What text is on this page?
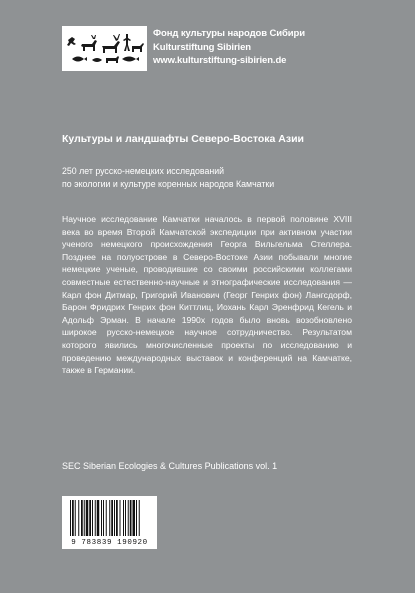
Фонд культуры народов Сибири
Kulturstiftung Sibirien
www.kulturstiftung-sibirien.de
Культуры и ландшафты Северо-Востока Азии
250 лет русско-немецких исследований
по экологии и культуре коренных народов Камчатки
Научное исследование Камчатки началось в первой половине XVIII века во время Второй Камчатской экспедиции при активном участии ученого немецкого происхождения Георга Вильгельма Стеллера. Позднее на полуострове в Северо-Востоке Азии побывали многие немецкие ученые, проводившие со своими российскими коллегами совместные естественно-научные и этнографические исследования — Карл фон Дитмар, Григорий Иванович (Георг Генрих фон) Лангсдорф, Барон Фридрих Генрих фон Киттлиц, Иохань Карл Эренфрид Кегель и Адольф Эрман. В начале 1990х годов было вновь возобновлено широкое русско-немецкое научное сотрудничество. Результатом которого явились многочисленные проекты по исследованию и проведению международных выставок и конференций на Камчатке, также в Германии.
SEC Siberian Ecologies & Cultures Publications vol. 1
9 783839 190920
